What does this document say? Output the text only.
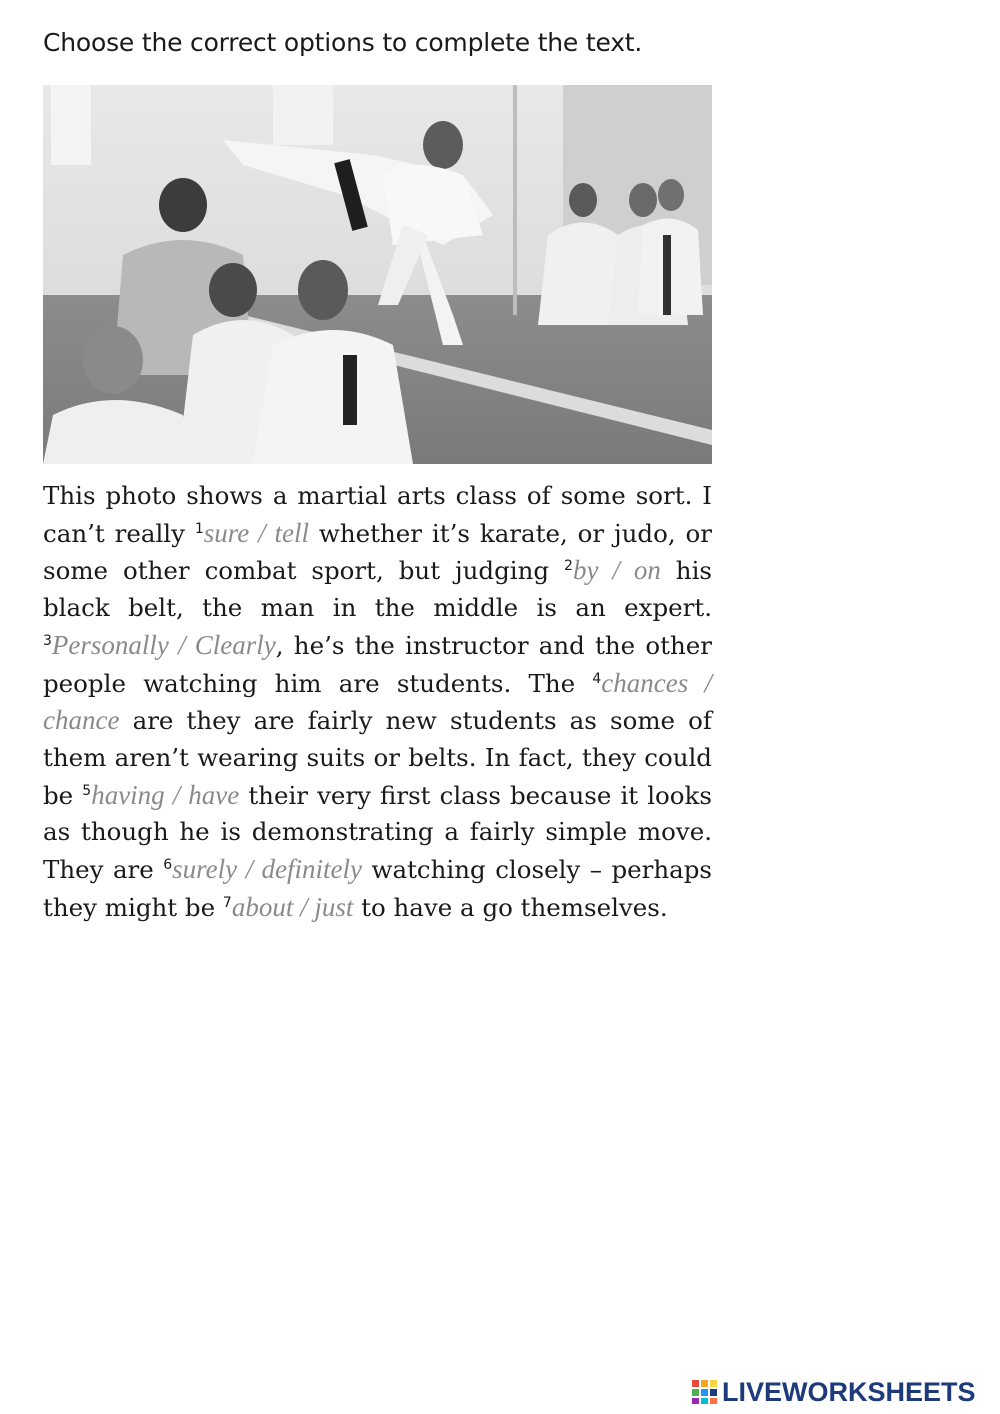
Choose the correct options to complete the text.

This photo shows a martial arts class of some sort. I can’t really $^1$sure / tell whether it’s karate, or judo, or some other combat sport, but judging $^2$by / on his black belt, the man in the middle is an expert. $^3$Personally / Clearly, he’s the instructor and the other people watching him are students. The $^4$chances / chance are they are fairly new students as some of them aren’t wearing suits or belts. In fact, they could be $^5$having / have their very first class because it looks as though he is demonstrating a fairly simple move. They are $^6$surely / definitely watching closely – perhaps they might be $^7$about / just to have a go themselves.

LIVEWORKSHEETS
